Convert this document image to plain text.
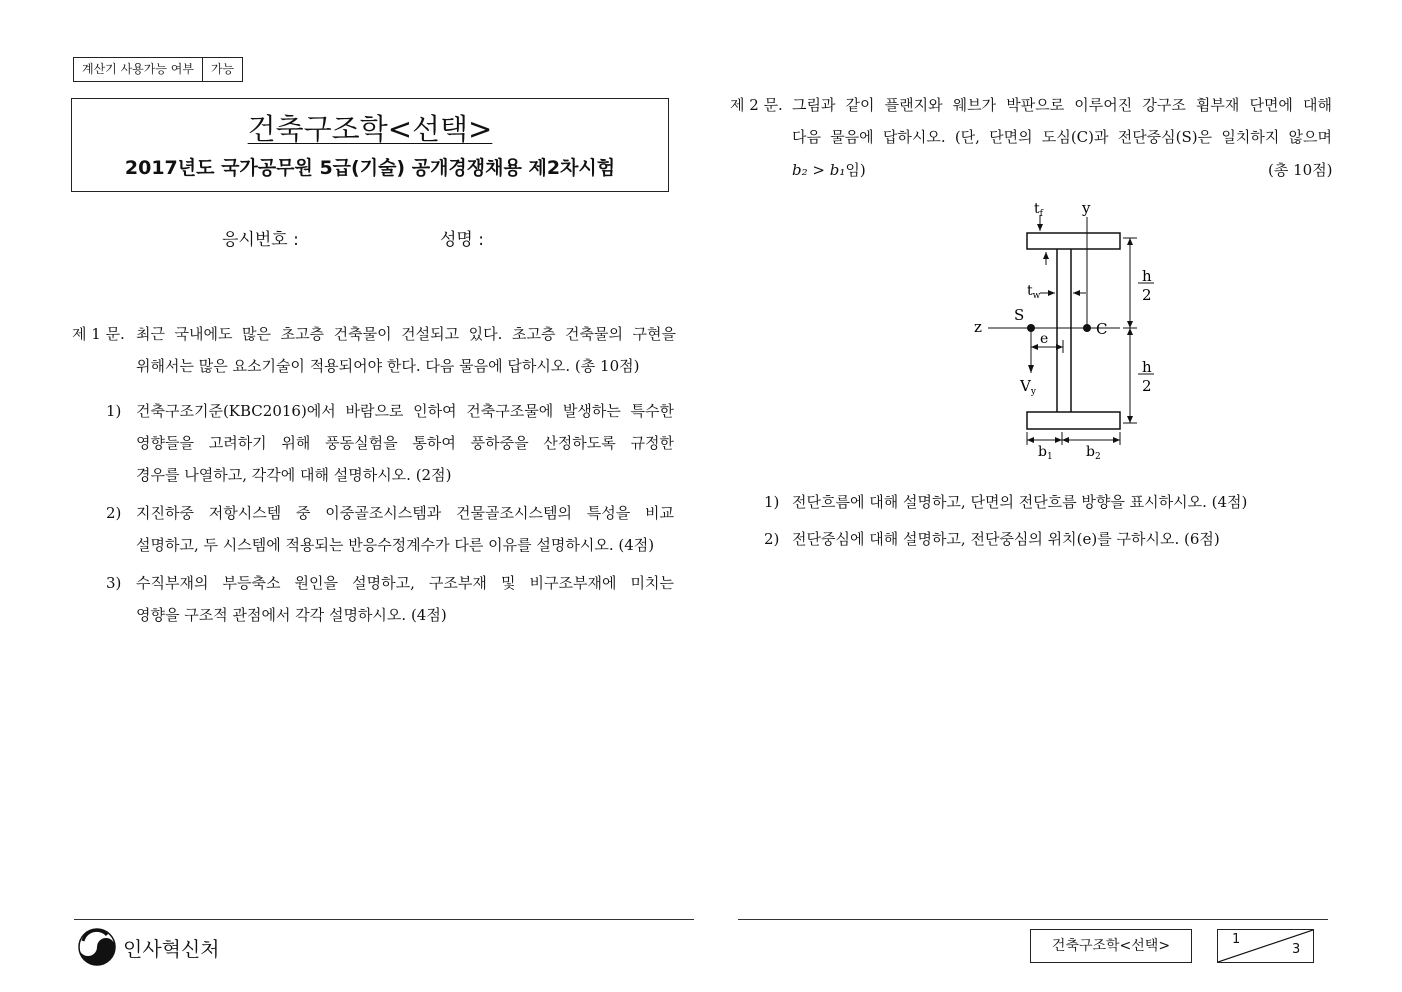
계산기 사용가능 여부	가능
건축구조학<선택>
2017년도 국가공무원 5급(기술) 공개경쟁채용 제2차시험
응시번호 :	성명 :
제 1 문. 최근 국내에도 많은 초고층 건축물이 건설되고 있다. 초고층 건축물의 구현을
위해서는 많은 요소기술이 적용되어야 한다. 다음 물음에 답하시오. (총 10점)
1) 건축구조기준(KBC2016)에서 바람으로 인하여 건축구조물에 발생하는 특수한
영향들을 고려하기 위해 풍동실험을 통하여 풍하중을 산정하도록 규정한
경우를 나열하고, 각각에 대해 설명하시오. (2점)
2) 지진하중 저항시스템 중 이중골조시스템과 건물골조시스템의 특성을 비교
설명하고, 두 시스템에 적용되는 반응수정계수가 다른 이유를 설명하시오. (4점)
3) 수직부재의 부등축소 원인을 설명하고, 구조부재 및 비구조부재에 미치는
영향을 구조적 관점에서 각각 설명하시오. (4점)
제 2 문. 그림과 같이 플랜지와 웨브가 박판으로 이루어진 강구조 휨부재 단면에 대해
다음 물음에 답하시오. (단, 단면의 도심(C)과 전단중심(S)은 일치하지 않으며
b₂ > b₁임)	(총 10점)
$t_f$	y
$t_w$
S
C
z
e
$V_y$
h
2
h
2
$b_1$ $b_2$
1) 전단흐름에 대해 설명하고, 단면의 전단흐름 방향을 표시하시오. (4점)
2) 전단중심에 대해 설명하고, 전단중심의 위치(e)를 구하시오. (6점)
인사혁신처	건축구조학<선택>	1
3
